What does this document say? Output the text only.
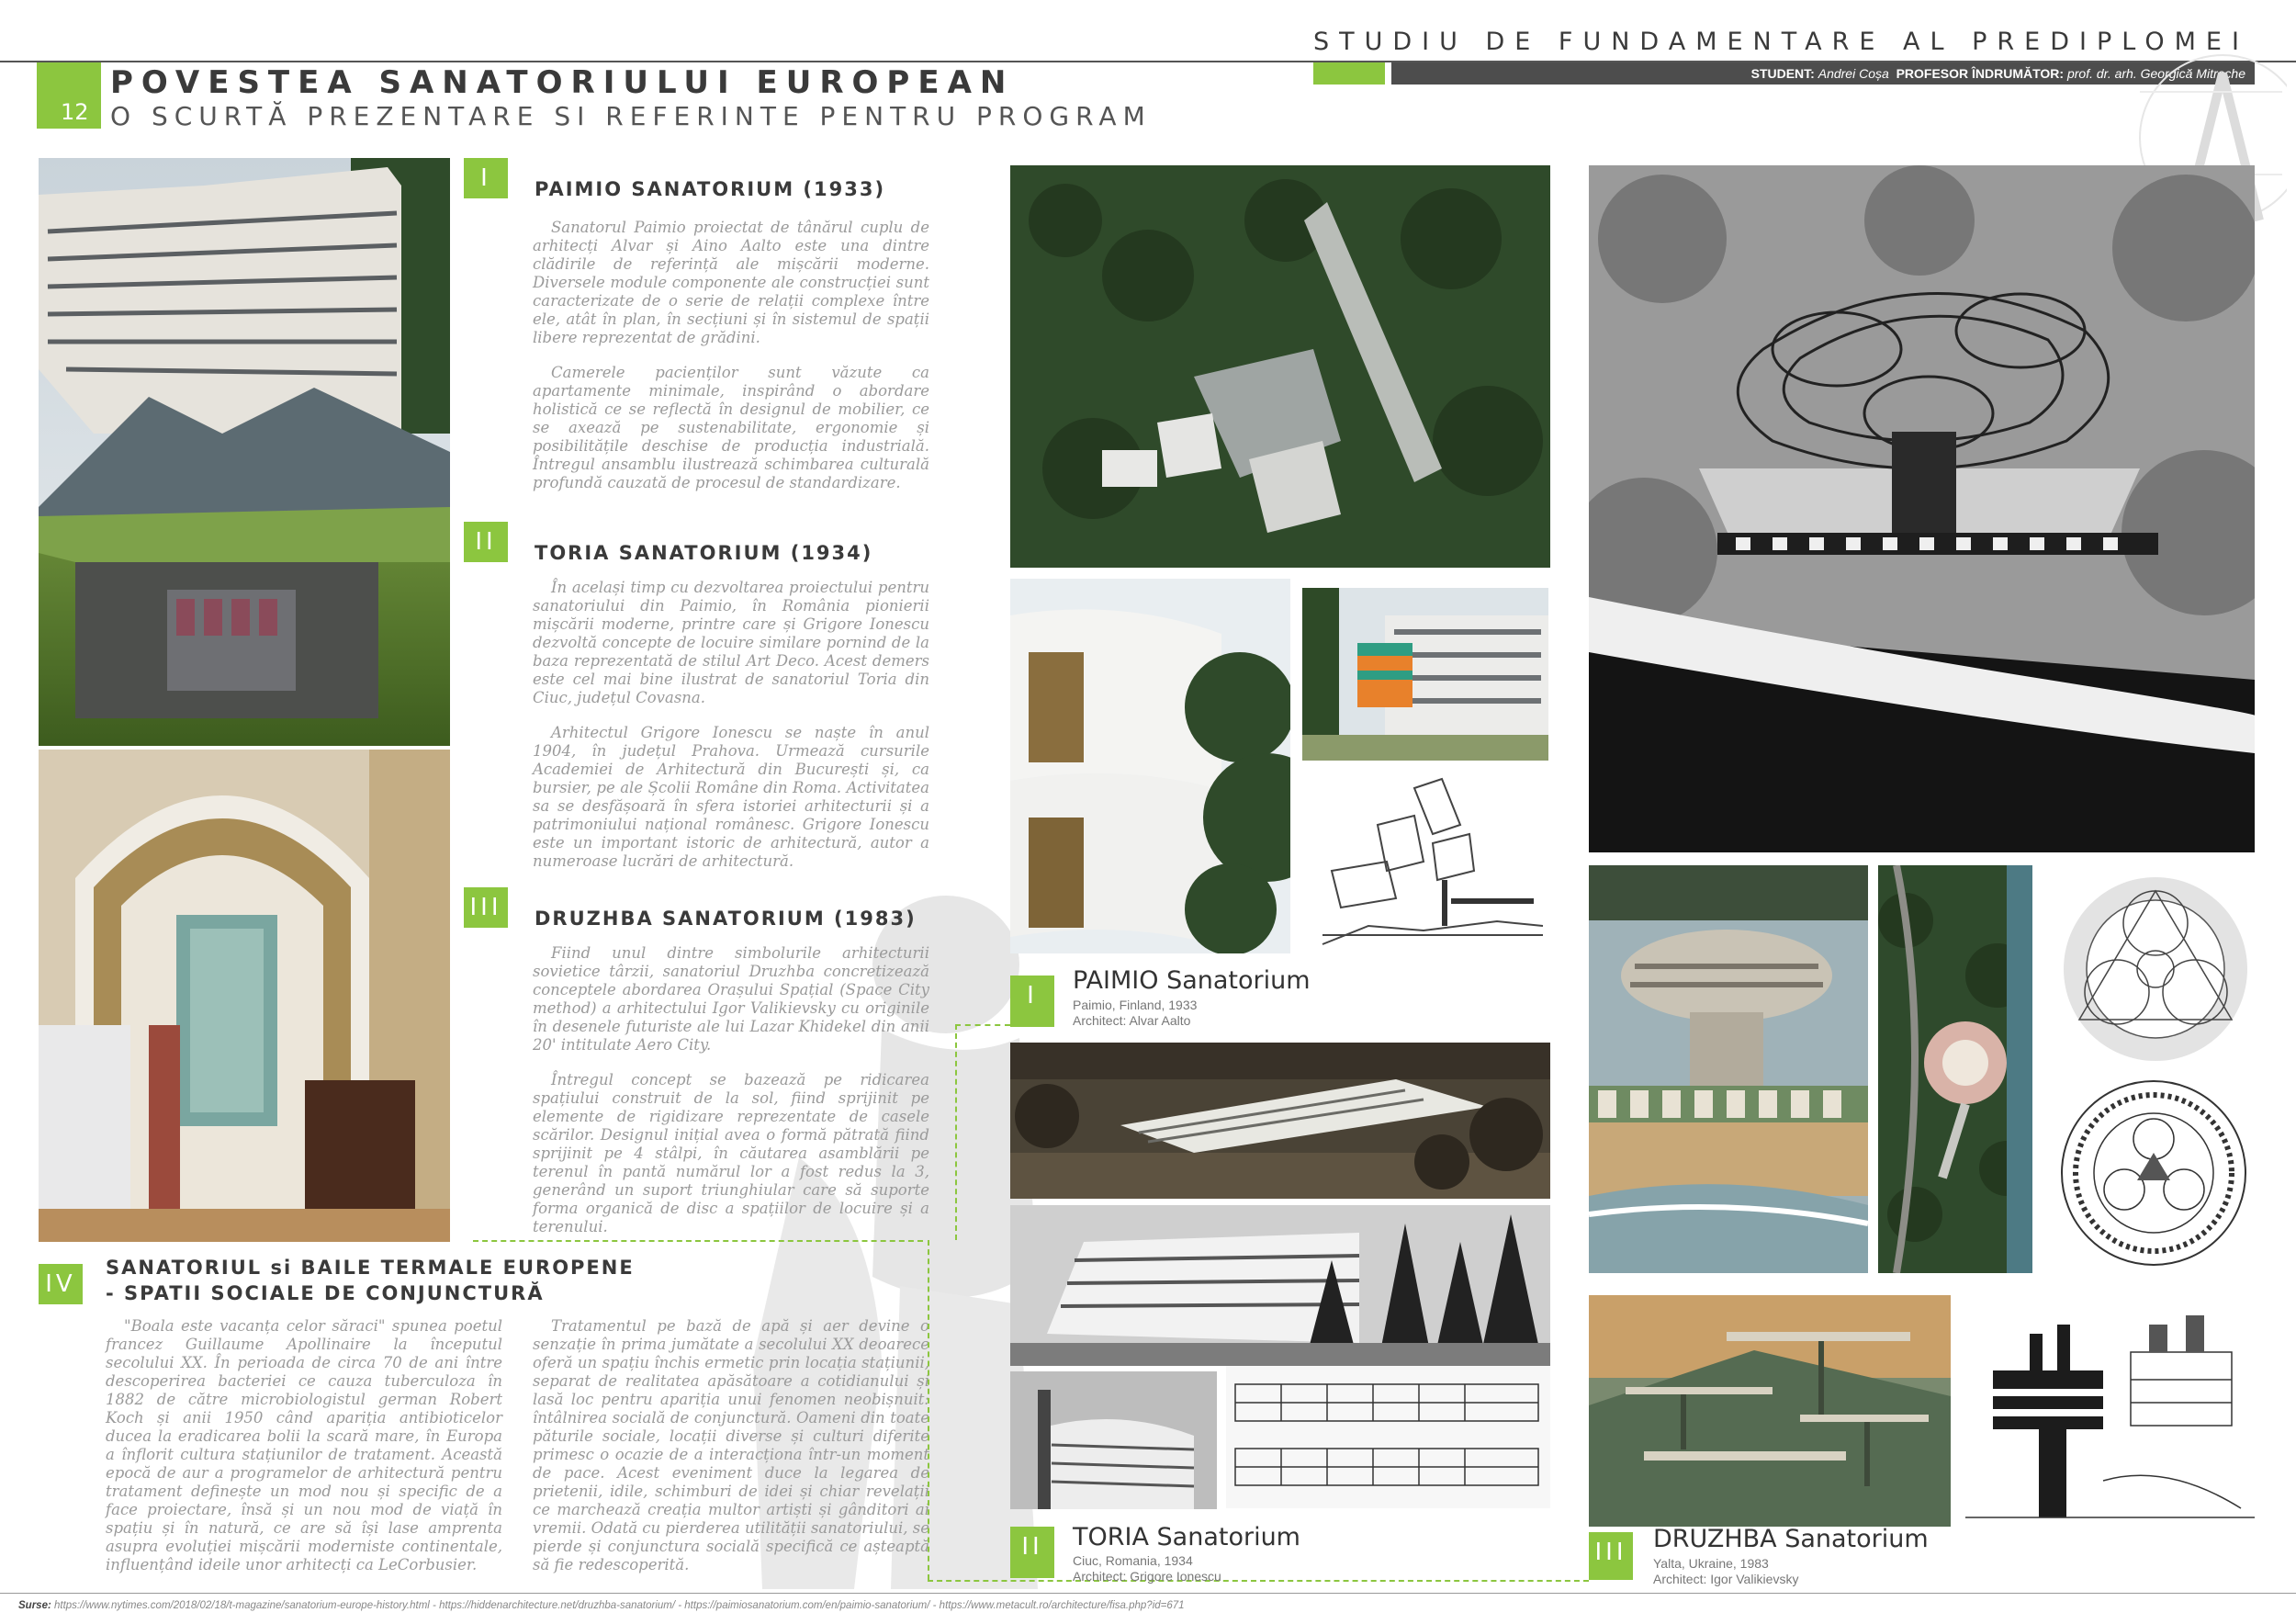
STUDIU DE FUNDAMENTARE AL PREDIPLOMEI
STUDENT: Andrei Coșa PROFESOR ÎNDRUMĂTOR: prof. dr. arh. Georgică Mitrache
12
POVESTEA SANATORIULUI EUROPEAN
O SCURTĂ PREZENTARE SI REFERINTE PENTRU PROGRAM
I	PAIMIO SANATORIUM (1933)

Sanatorul Paimio proiectat de tânărul cuplu de arhitecți Alvar și Aino Aalto este una dintre clădirile de referință ale mișcării moderne. Diversele module componente ale construcției sunt caracterizate de o serie de relații complexe între ele, atât în plan, în secțiuni și în sistemul de spații libere reprezentat de grădini.

Camerele pacienților sunt văzute ca apartamente minimale, inspirând o abordare holistică ce se reflectă în designul de mobilier, ce se axează pe sustenabilitate, ergonomie și posibilitățile deschise de producția industrială. Întregul ansamblu ilustrează schimbarea culturală profundă cauzată de procesul de standardizare.

II	TORIA SANATORIUM (1934)

În același timp cu dezvoltarea proiectului pentru sanatoriului din Paimio, în România pionierii mișcării moderne, printre care și Grigore Ionescu dezvoltă concepte de locuire similare pornind de la baza reprezentată de stilul Art Deco. Acest demers este cel mai bine ilustrat de sanatoriul Toria din Ciuc, județul Covasna.

Arhitectul Grigore Ionescu se naște în anul 1904, în județul Prahova. Urmează cursurile Academiei de Arhitectură din București și, ca bursier, pe ale Școlii Române din Roma. Activitatea sa se desfășoară în sfera istoriei arhitecturii și a patrimoniului național românesc. Grigore Ionescu este un important istoric de arhitectură, autor a numeroase lucrări de arhitectură.

III	DRUZHBA SANATORIUM (1983)

Fiind unul dintre simbolurile arhitecturii sovietice târzii, sanatoriul Druzhba concretizează conceptele abordarea Orașului Spațial (Space City method) a arhitectului Igor Valikievsky cu originile în desenele futuriste ale lui Lazar Khidekel din anii 20' intitulate Aero City.

Întregul concept se bazează pe ridicarea spațiului construit de la sol, fiind sprijinit pe elemente de rigidizare reprezentate de casele scărilor. Designul inițial avea o formă pătrată fiind sprijinit pe 4 stâlpi, în căutarea asamblării pe terenul în pantă numărul lor a fost redus la 3, generând un suport triunghiular care să suporte forma organică de disc a spațiilor de locuire și a terenului.

IV
SANATORIUL si BAILE TERMALE EUROPENE
- SPATII SOCIALE DE CONJUNCTURĂ
"Boala este vacanța celor săraci" spunea poetul francez Guillaume Apollinaire la începutul secolului XX. În perioada de circa 70 de ani între descoperirea bacteriei ce cauza tuberculoza în 1882 de către microbiologistul german Robert Koch și anii 1950 când apariția antibioticelor ducea la eradicarea bolii la scară mare, în Europa a înflorit cultura stațiunilor de tratament. Această epocă de aur a programelor de arhitectură pentru tratament definește un mod nou și specific de a face proiectare, însă și un nou mod de viață în spațiu și în natură, ce are să își lase amprenta asupra evoluției mișcării moderniste continentale, influențând ideile unor arhitecți ca LeCorbusier.
Tratamentul pe bază de apă și aer devine o senzație în prima jumătate a secolului XX deoarece oferă un spațiu închis ermetic prin locația stațiunii, separat de realitatea apăsătoare a cotidianului și lasă loc pentru apariția unui fenomen neobișnuit: întâlnirea socială de conjunctură. Oameni din toate păturile sociale, locații diverse și culturi diferite primesc o ocazie de a interacționa într-un moment de pace. Acest eveniment duce la legarea de prietenii, idile, schimburi de idei și chiar revelații ce marchează creația multor artiști și gânditori ai vremii. Odată cu pierderea utilității sanatoriului, se pierde și conjunctura socială specifică ce așteaptă să fie redescoperită.
I
PAIMIO Sanatorium
Paimio, Finland, 1933
Architect: Alvar Aalto
II	TORIA Sanatorium
Ciuc, Romania, 1934
Architect: Grigore Ionescu
III DRUZHBA Sanatorium
Yalta, Ukraine, 1983
Architect: Igor Valikievsky
Surse: https://www.nytimes.com/2018/02/18/t-magazine/sanatorium-europe-history.html - https://hiddenarchitecture.net/druzhba-sanatorium/ - https://paimiosanatorium.com/en/paimio-sanatorium/ - https://www.metacult.ro/architecture/fisa.php?id=671
